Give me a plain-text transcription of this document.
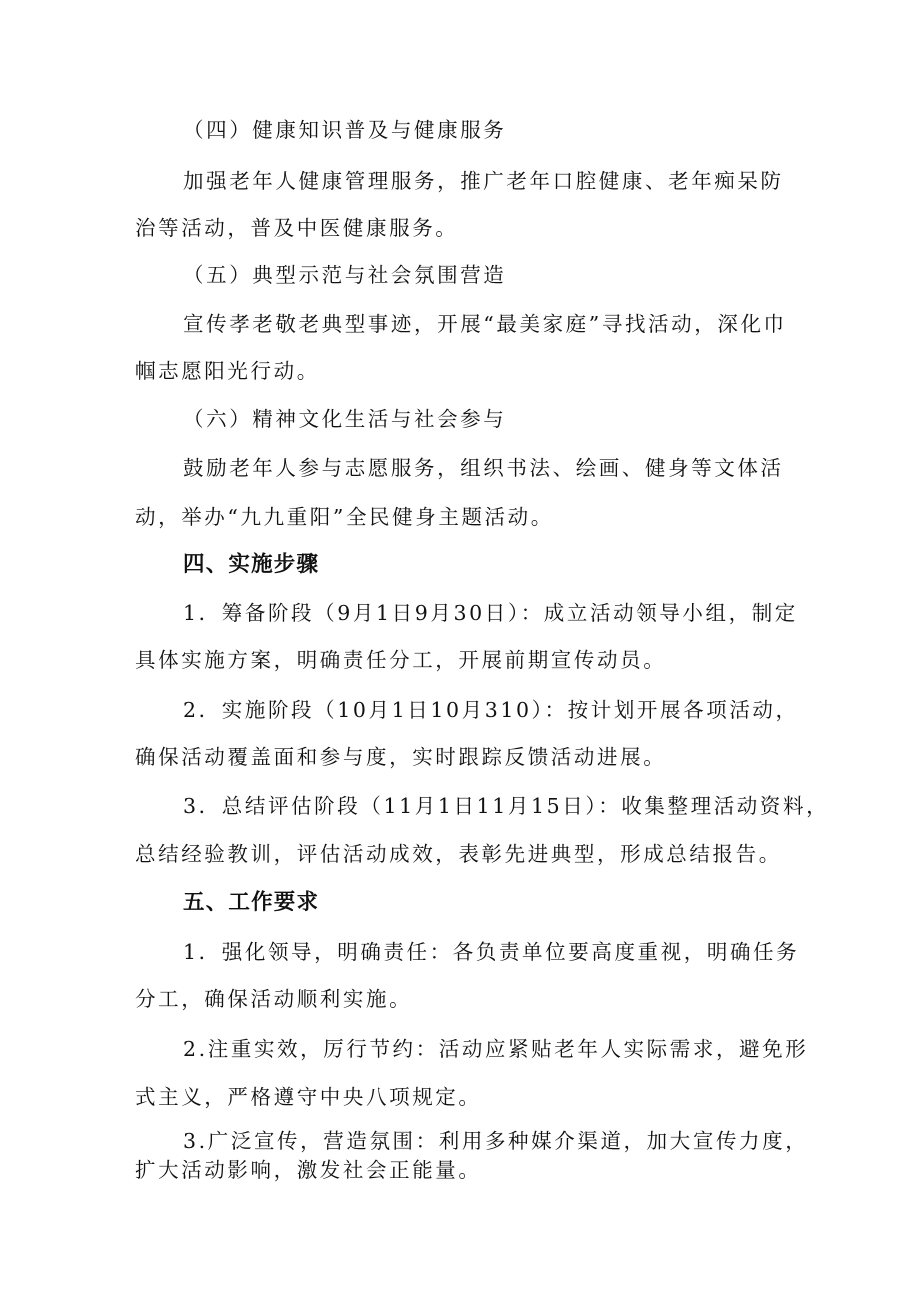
（四）健康知识普及与健康服务
加强老年人健康管理服务，推广老年口腔健康、老年痴呆防
治等活动，普及中医健康服务。
（五）典型示范与社会氛围营造
宣传孝老敬老典型事迹，开展“最美家庭”寻找活动，深化巾
帼志愿阳光行动。
（六）精神文化生活与社会参与
鼓励老年人参与志愿服务，组织书法、绘画、健身等文体活
动，举办“九九重阳”全民健身主题活动。
四、实施步骤
1．筹备阶段（9月1日9月30日）：成立活动领导小组，制定
具体实施方案，明确责任分工，开展前期宣传动员。
2．实施阶段（10月1日10月310）：按计划开展各项活动，
确保活动覆盖面和参与度，实时跟踪反馈活动进展。
3．总结评估阶段（11月1日11月15日）：收集整理活动资料，
总结经验教训，评估活动成效，表彰先进典型，形成总结报告。
五、工作要求
1．强化领导，明确责任：各负责单位要高度重视，明确任务
分工，确保活动顺利实施。
2.注重实效，厉行节约：活动应紧贴老年人实际需求，避免形
式主义，严格遵守中央八项规定。
3.广泛宣传，营造氛围：利用多种媒介渠道，加大宣传力度，
扩大活动影响，激发社会正能量。
